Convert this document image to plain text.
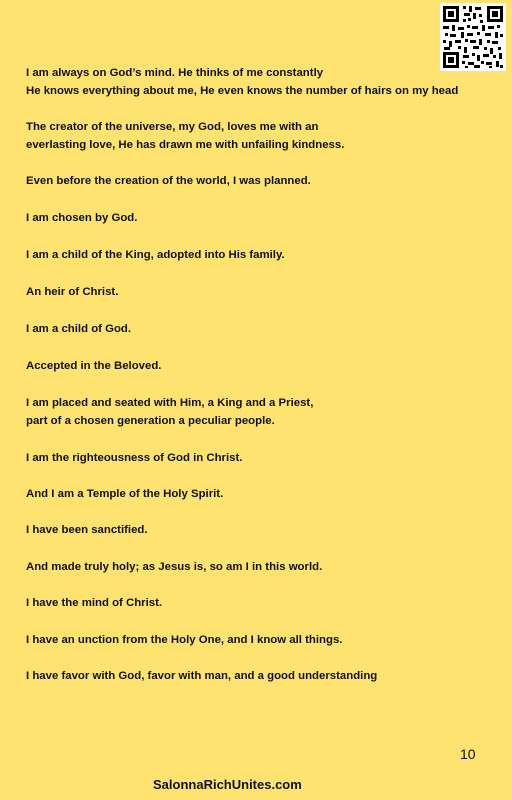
I am always on God’s mind. He thinks of me constantly
He knows everything about me, He even knows the number of hairs on my head

The creator of the universe, my God, loves me with an
everlasting love, He has drawn me with unfailing kindness.

Even before the creation of the world, I was planned.

I am chosen by God.

I am a child of the King, adopted into His family.

An heir of Christ.

I am a child of God.

Accepted in the Beloved.

I am placed and seated with Him, a King and a Priest,
part of a chosen generation a peculiar people.

I am the righteousness of God in Christ.

And I am a Temple of the Holy Spirit.

I have been sanctified.

And made truly holy; as Jesus is, so am I in this world.

I have the mind of Christ.

I have an unction from the Holy One, and I know all things.

I have favor with God, favor with man, and a good understanding

10
SalonnaRichUnites.com
